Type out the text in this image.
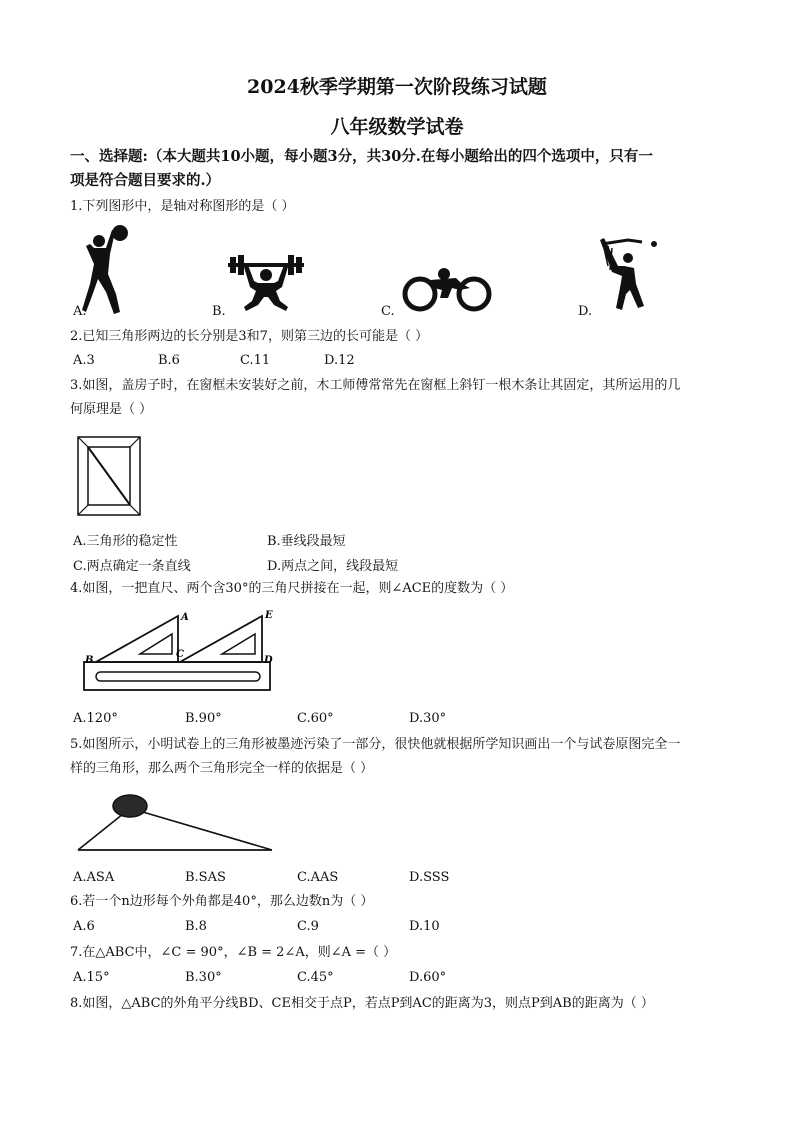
2024秋季学期第一次阶段练习试题
八年级数学试卷
一、选择题:（本大题共10小题，每小题3分，共30分.在每小题给出的四个选项中，只有一
项是符合题目要求的.）
1.下列图形中，是轴对称图形的是（ ）
A.	B.	C.	D.
2.已知三角形两边的长分别是3和7，则第三边的长可能是（ ）
A.3	B.6	C.11	D.12
3.如图，盖房子时，在窗框未安装好之前，木工师傅常常先在窗框上斜钉一根木条让其固定，其所运用的几
何原理是（ ）
A.三角形的稳定性	B.垂线段最短
C.两点确定一条直线	D.两点之间，线段最短
4.如图，一把直尺、两个含30°的三角尺拼接在一起，则∠ACE的度数为（ ）
A	E
B
C
D
A.120°	B.90°	C.60°	D.30°
5.如图所示，小明试卷上的三角形被墨迹污染了一部分，很快他就根据所学知识画出一个与试卷原图完全一
样的三角形，那么两个三角形完全一样的依据是（ ）
A.ASA	B.SAS	C.AAS	D.SSS
6.若一个n边形每个外角都是40°，那么边数n为（ ）
A.6	B.8	C.9	D.10
7.在△ABC中，∠C = 90°，∠B = 2∠A，则∠A =（ ）
A.15°	B.30°	C.45°	D.60°
8.如图，△ABC的外角平分线BD、CE相交于点P，若点P到AC的距离为3，则点P到AB的距离为（ ）
